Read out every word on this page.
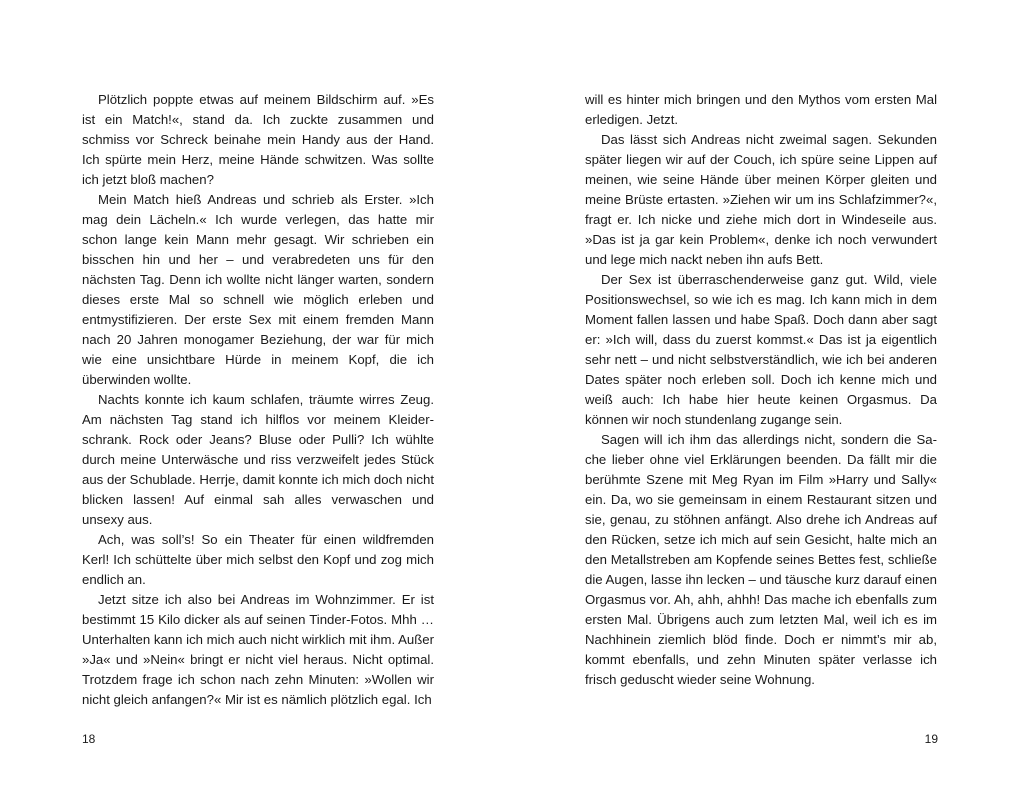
Plötzlich poppte etwas auf meinem Bildschirm auf. »Es ist ein Match!«, stand da. Ich zuckte zusammen und schmiss vor Schreck beinahe mein Handy aus der Hand. Ich spürte mein Herz, meine Hände schwitzen. Was sollte ich jetzt bloß machen?

Mein Match hieß Andreas und schrieb als Erster. »Ich mag dein Lächeln.« Ich wurde verlegen, das hatte mir schon lange kein Mann mehr gesagt. Wir schrieben ein bisschen hin und her – und verabredeten uns für den nächsten Tag. Denn ich wollte nicht länger warten, sondern dieses erste Mal so schnell wie möglich erleben und entmystifizieren. Der erste Sex mit einem fremden Mann nach 20 Jahren monogamer Beziehung, der war für mich wie eine unsichtbare Hürde in meinem Kopf, die ich überwinden wollte.

Nachts konnte ich kaum schlafen, träumte wirres Zeug. Am nächsten Tag stand ich hilflos vor meinem Kleiderschrank. Rock oder Jeans? Bluse oder Pulli? Ich wühlte durch meine Unterwäsche und riss verzweifelt jedes Stück aus der Schublade. Herrje, damit konnte ich mich doch nicht blicken lassen! Auf einmal sah alles verwaschen und unsexy aus.

Ach, was soll’s! So ein Theater für einen wildfremden Kerl! Ich schüttelte über mich selbst den Kopf und zog mich endlich an.

Jetzt sitze ich also bei Andreas im Wohnzimmer. Er ist bestimmt 15 Kilo dicker als auf seinen Tinder-Fotos. Mhh … Unterhalten kann ich mich auch nicht wirklich mit ihm. Außer »Ja« und »Nein« bringt er nicht viel heraus. Nicht optimal. Trotzdem frage ich schon nach zehn Minuten: »Wollen wir nicht gleich anfangen?« Mir ist es nämlich plötzlich egal. Ich

18

will es hinter mich bringen und den Mythos vom ersten Mal erledigen. Jetzt.

Das lässt sich Andreas nicht zweimal sagen. Sekunden später liegen wir auf der Couch, ich spüre seine Lippen auf meinen, wie seine Hände über meinen Körper gleiten und meine Brüste ertasten. »Ziehen wir um ins Schlafzimmer?«, fragt er. Ich nicke und ziehe mich dort in Windeseile aus. »Das ist ja gar kein Problem«, denke ich noch verwundert und lege mich nackt neben ihn aufs Bett.

Der Sex ist überraschenderweise ganz gut. Wild, viele Positionswechsel, so wie ich es mag. Ich kann mich in dem Moment fallen lassen und habe Spaß. Doch dann aber sagt er: »Ich will, dass du zuerst kommst.« Das ist ja eigentlich sehr nett – und nicht selbstverständlich, wie ich bei anderen Dates später noch erleben soll. Doch ich kenne mich und weiß auch: Ich habe hier heute keinen Orgasmus. Da können wir noch stundenlang zugange sein.

Sagen will ich ihm das allerdings nicht, sondern die Sache lieber ohne viel Erklärungen beenden. Da fällt mir die berühmte Szene mit Meg Ryan im Film »Harry und Sally« ein. Da, wo sie gemeinsam in einem Restaurant sitzen und sie, genau, zu stöhnen anfängt. Also drehe ich Andreas auf den Rücken, setze ich mich auf sein Gesicht, halte mich an den Metallstreben am Kopfende seines Bettes fest, schließe die Augen, lasse ihn lecken – und täusche kurz darauf einen Orgasmus vor. Ah, ahh, ahhh! Das mache ich ebenfalls zum ersten Mal. Übrigens auch zum letzten Mal, weil ich es im Nachhinein ziemlich blöd finde. Doch er nimmt’s mir ab, kommt ebenfalls, und zehn Minuten später verlasse ich frisch geduscht wieder seine Wohnung.

19
